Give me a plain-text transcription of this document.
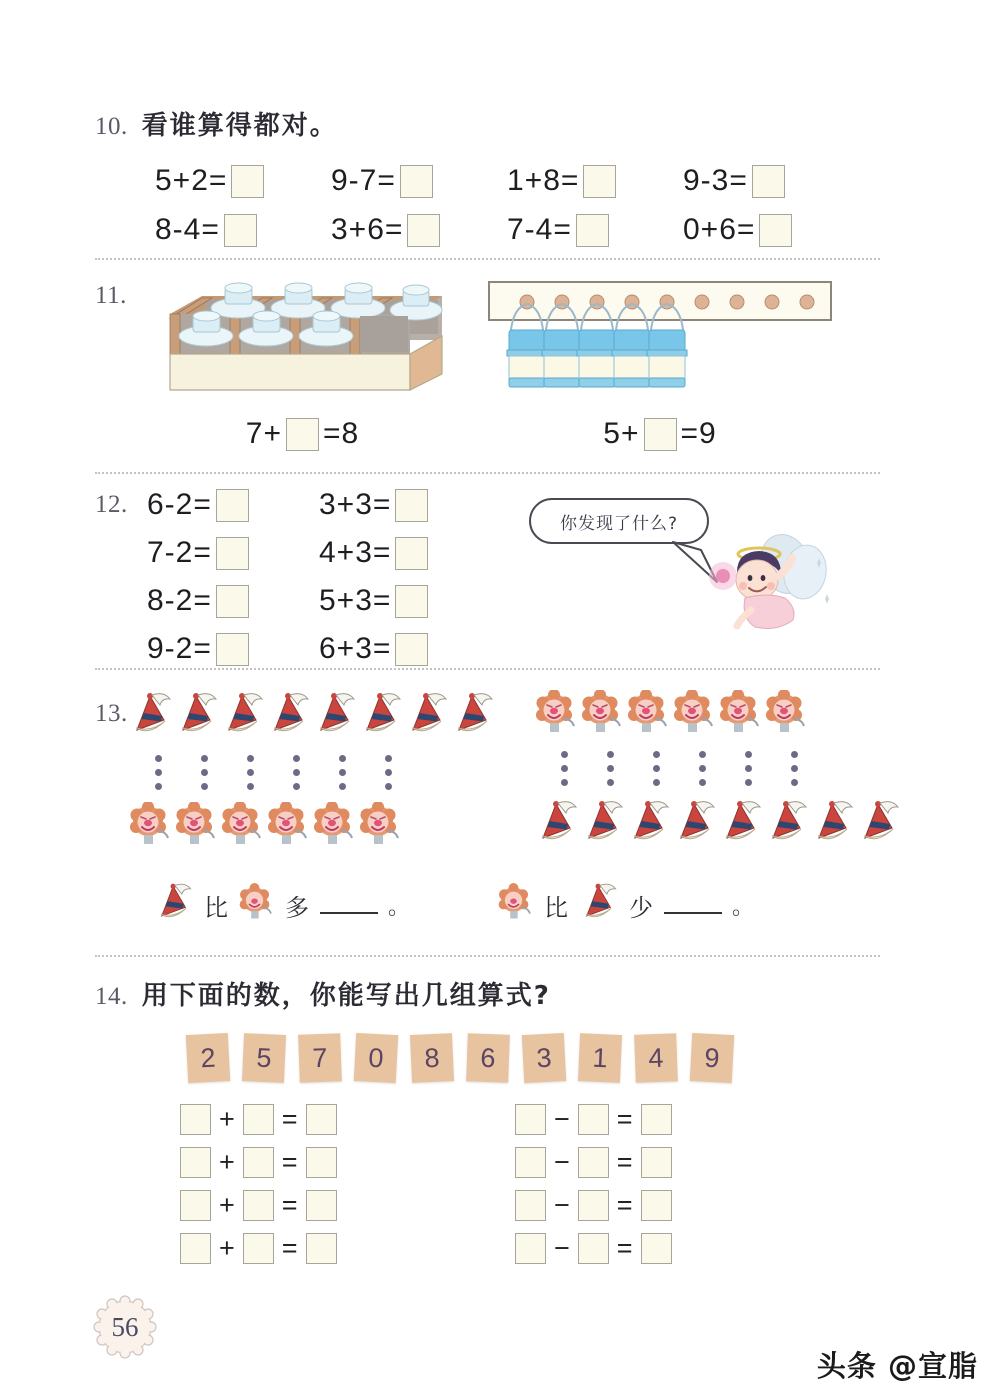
10. 看谁算得都对。
5+2=	9-7=	1+8=	9-3=
8-4=	3+6=	7-4=	0+6=
11.
7+ =8	5+ =9
12. 6-2=	3+3=
7-2=	4+3=
8-2=	5+3=
9-2=	6+3=
你发现了什么?
13.
比 多	。	比	少	。
14. 用下面的数，你能写出几组算式?
2	5	7	0	8	6	3	1	4	9
+ =
+ =
+ =
+ =
− =
− =
− =
− =
56
头条 @宣脂
